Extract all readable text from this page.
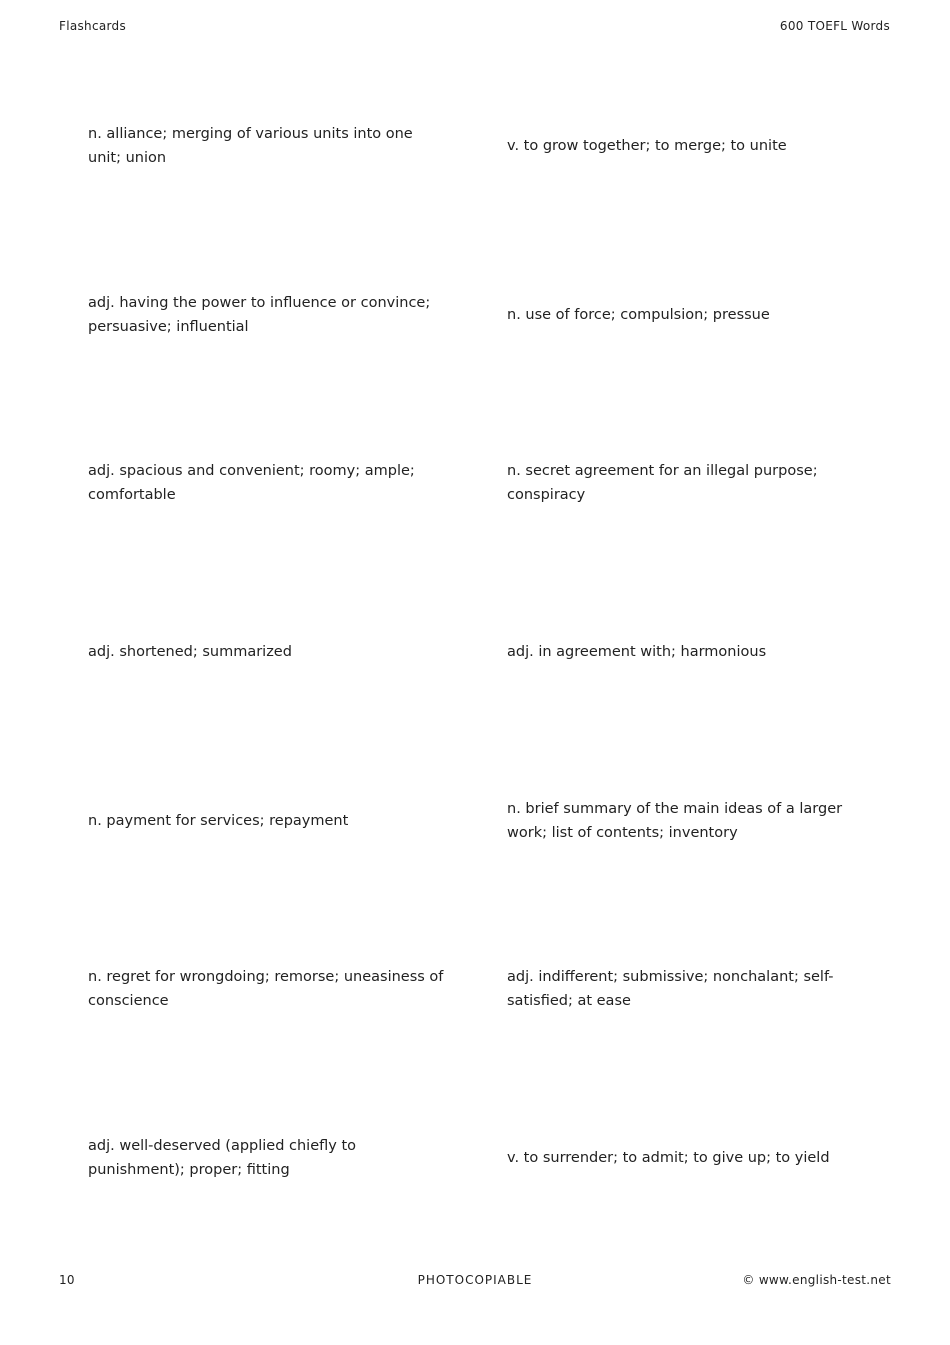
Flashcards	600 TOEFL Words
n. alliance; merging of various units into one unit; union
v. to grow together; to merge; to unite
adj. having the power to influence or convince; persuasive; influential
n. use of force; compulsion; pressue
adj. spacious and convenient; roomy; ample; comfortable
n. secret agreement for an illegal purpose; conspiracy
adj. shortened; summarized	adj. in agreement with; harmonious
n. payment for services; repayment
n. brief summary of the main ideas of a larger work; list of contents; inventory
n. regret for wrongdoing; remorse; uneasiness of conscience
adj. indifferent; submissive; nonchalant; self-satisfied; at ease
adj. well-deserved (applied chiefly to punishment); proper; fitting
v. to surrender; to admit; to give up; to yield
10	PHOTOCOPIABLE	© www.english-test.net
